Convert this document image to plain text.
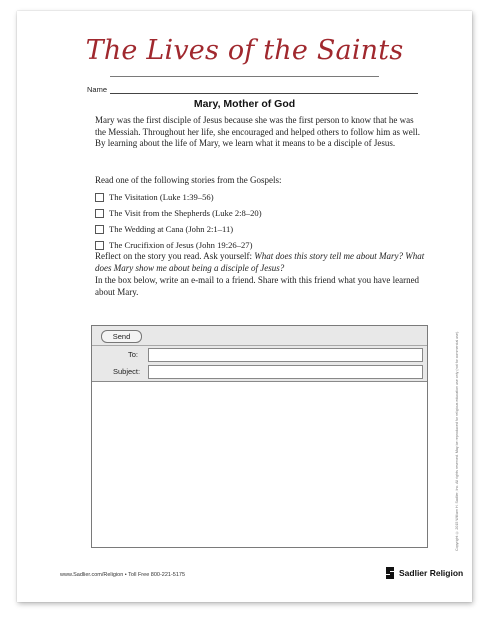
The Lives of the Saints
Name
Mary, Mother of God
Mary was the first disciple of Jesus because she was the first person to know that he was the Messiah. Throughout her life, she encouraged and helped others to follow him as well. By learning about the life of Mary, we learn what it means to be a disciple of Jesus.
Read one of the following stories from the Gospels:
The Visitation (Luke 1:39–56)
The Visit from the Shepherds (Luke 2:8–20)
The Wedding at Cana (John 2:1–11)
The Crucifixion of Jesus (John 19:26–27)
Reflect on the story you read. Ask yourself: What does this story tell me about Mary? What does Mary show me about being a disciple of Jesus?
In the box below, write an e-mail to a friend. Share with this friend what you have learned about Mary.
Send
To:
Subject:	Copyright © 2015 William H. Sadlier, Inc. All rights reserved. May be reproduced for religious education use only (not for commercial use).
www.Sadlier.com/Religion • Toll Free 800-221-5175	Sadlier Religion
